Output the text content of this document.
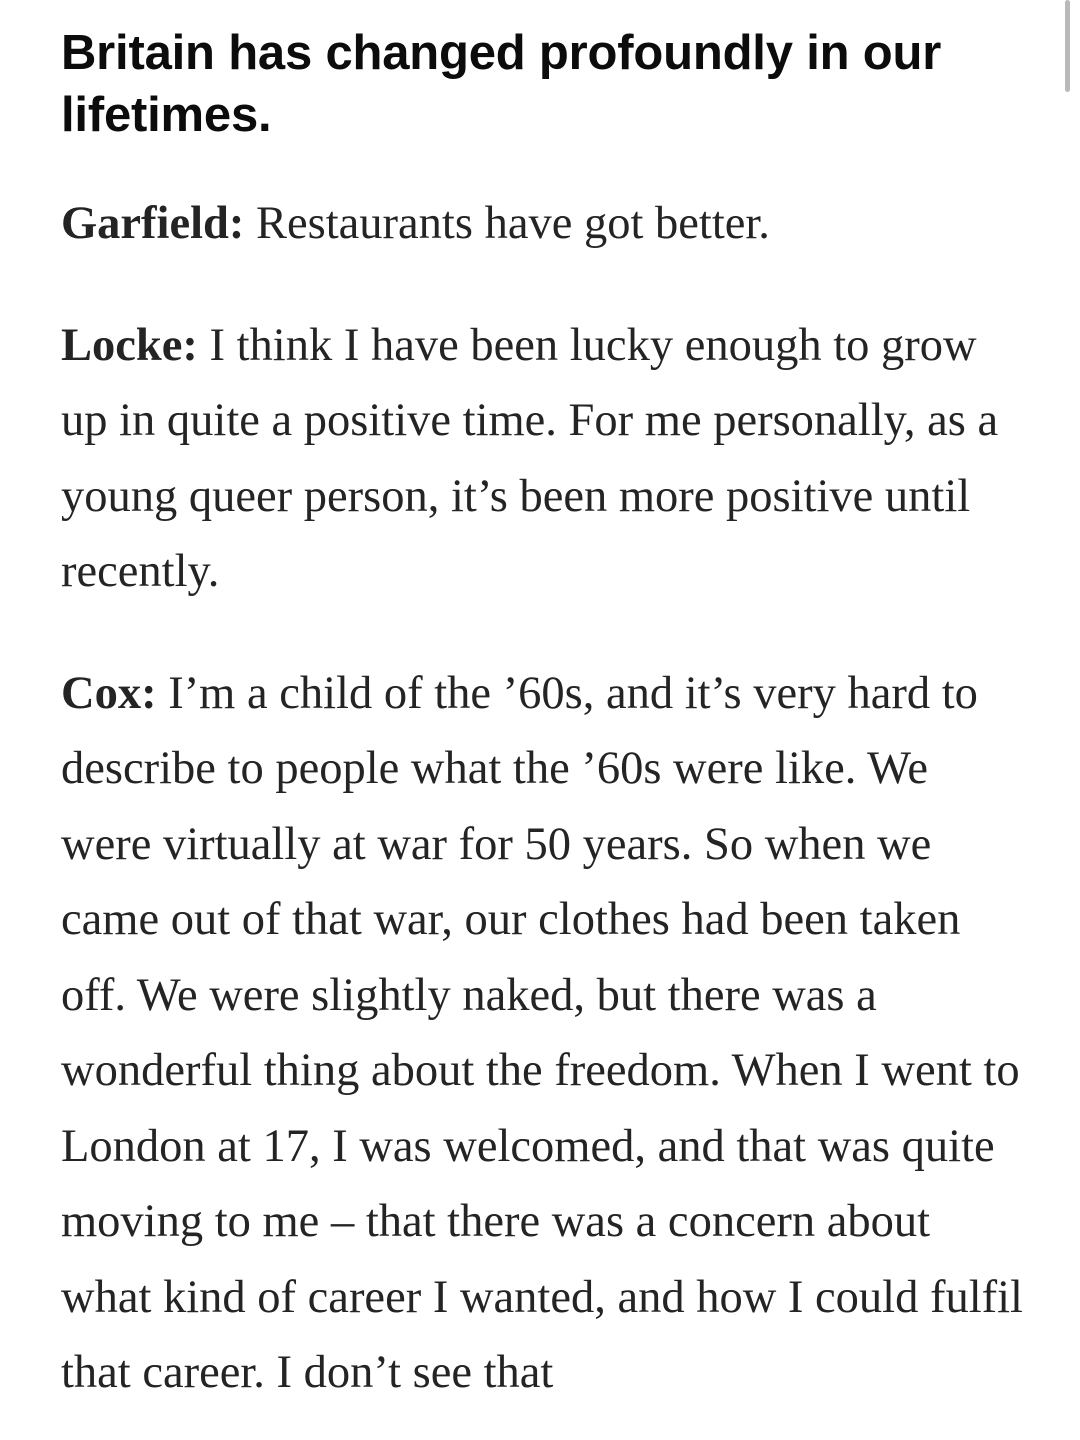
Britain has changed profoundly in our lifetimes.

Garfield: Restaurants have got better.

Locke: I think I have been lucky enough to grow up in quite a positive time. For me personally, as a young queer person, it’s been more positive until recently.

Cox: I’m a child of the ’60s, and it’s very hard to describe to people what the ’60s were like. We were virtually at war for 50 years. So when we came out of that war, our clothes had been taken off. We were slightly naked, but there was a wonderful thing about the freedom. When I went to London at 17, I was welcomed, and that was quite moving to me – that there was a concern about what kind of career I wanted, and how I could fulfil that career. I don’t see that
